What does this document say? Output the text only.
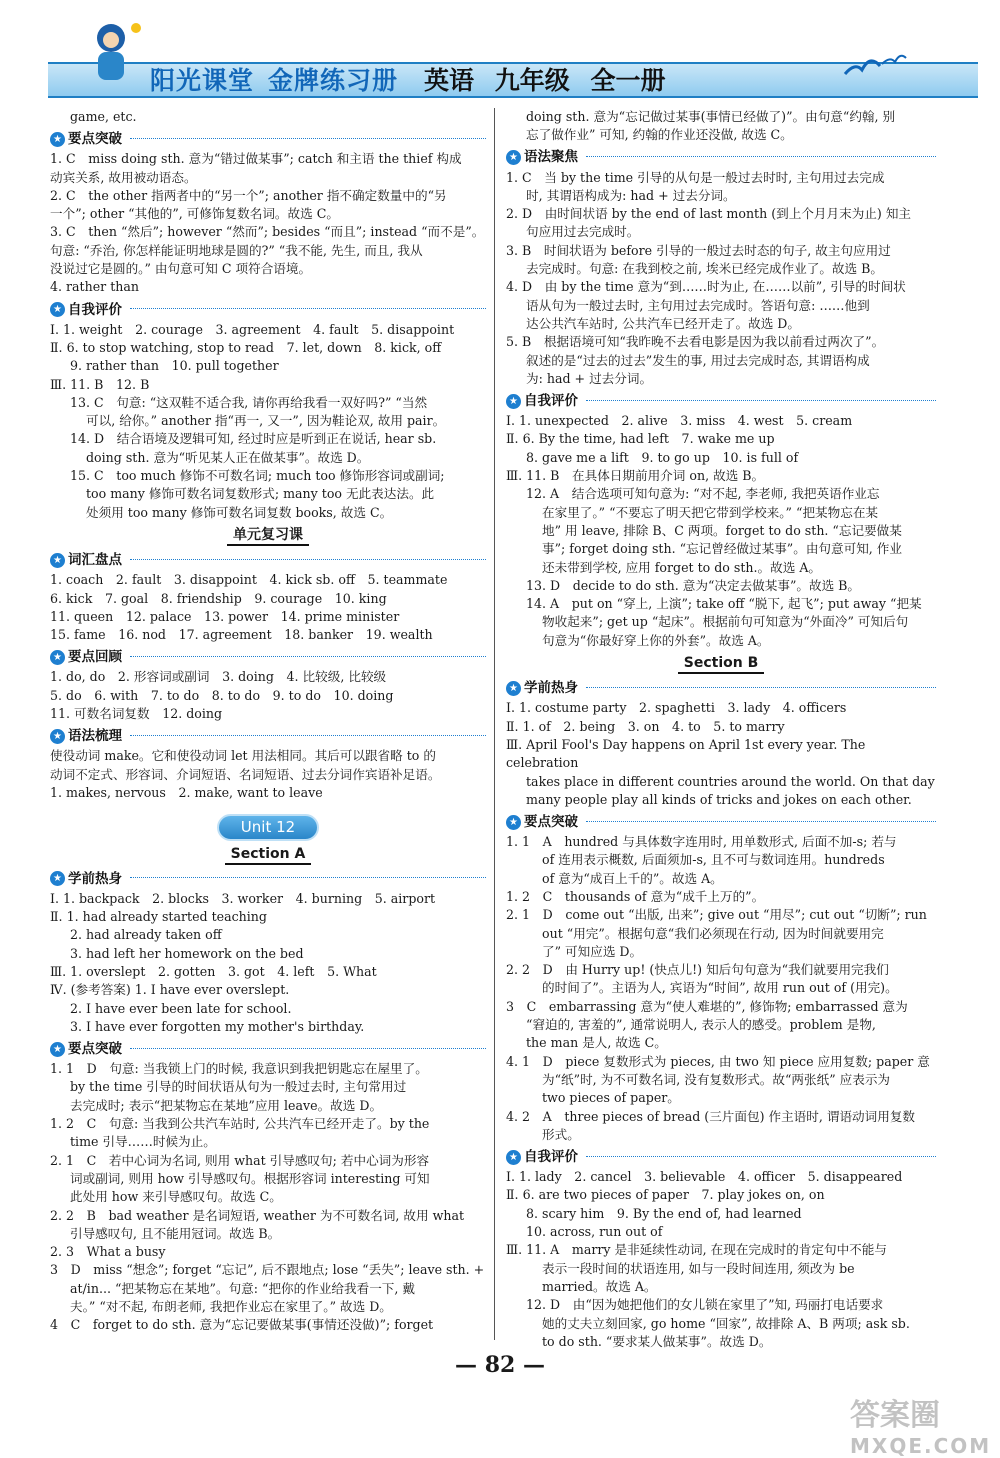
阳光课堂 金牌练习册 英语 九年级 全一册

game, etc.

★ 要点突破

1. C　miss doing sth. 意为“错过做某事”; catch 和主语 the thief 构成

动宾关系, 故用被动语态。

2. C　the other 指两者中的“另一个”; another 指不确定数量中的“另

一个”; other “其他的”, 可修饰复数名词。故选 C。

3. C　then “然后”; however “然而”; besides “而且”; instead “而不是”。

句意: “乔治, 你怎样能证明地球是圆的?” “我不能, 先生, 而且, 我从

没说过它是圆的。” 由句意可知 C 项符合语境。

4. rather than

★ 自我评价

Ⅰ. 1. weight　2. courage　3. agreement　4. fault　5. disappoint

Ⅱ. 6. to stop watching, stop to read　7. let, down　8. kick, off

9. rather than　10. pull together

Ⅲ. 11. B　12. B

13. C　句意: “这双鞋不适合我, 请你再给我看一双好吗?” “当然

可以, 给你。” another 指“再一, 又一”, 因为鞋论双, 故用 pair。

14. D　结合语境及逻辑可知, 经过时应是听到正在说话, hear sb.

doing sth. 意为“听见某人正在做某事”。故选 D。

15. C　too much 修饰不可数名词; much too 修饰形容词或副词;

too many 修饰可数名词复数形式; many too 无此表达法。此

处须用 too many 修饰可数名词复数 books, 故选 C。

单元复习课
★ 词汇盘点

1. coach　2. fault　3. disappoint　4. kick sb. off　5. teammate

6. kick　7. goal　8. friendship　9. courage　10. king

11. queen　12. palace　13. power　14. prime minister

15. fame　16. nod　17. agreement　18. banker　19. wealth

★ 要点回顾

1. do, do　2. 形容词或副词　3. doing　4. 比较级, 比较级

5. do　6. with　7. to do　8. to do　9. to do　10. doing

11. 可数名词复数　12. doing

★ 语法梳理

使役动词 make。它和使役动词 let 用法相同。其后可以跟省略 to 的

动词不定式、形容词、介词短语、名词短语、过去分词作宾语补足语。

1. makes, nervous　2. make, want to leave

Unit 12
Section A
★ 学前热身

Ⅰ. 1. backpack　2. blocks　3. worker　4. burning　5. airport

Ⅱ. 1. had already started teaching

2. had already taken off

3. had left her homework on the bed

Ⅲ. 1. overslept　2. gotten　3. got　4. left　5. What

Ⅳ. (参考答案) 1. I have ever overslept.

2. I have ever been late for school.

3. I have ever forgotten my mother's birthday.

★ 要点突破

1. 1　D　句意: 当我锁上门的时候, 我意识到我把钥匙忘在屋里了。

by the time 引导的时间状语从句为一般过去时, 主句常用过

去完成时; 表示“把某物忘在某地”应用 leave。故选 D。

1. 2　C　句意: 当我到公共汽车站时, 公共汽车已经开走了。by the

time 引导……时候为止。

2. 1　C　若中心词为名词, 则用 what 引导感叹句; 若中心词为形容

词或副词, 则用 how 引导感叹句。根据形容词 interesting 可知

此处用 how 来引导感叹句。故选 C。

2. 2　B　bad weather 是名词短语, weather 为不可数名词, 故用 what

引导感叹句, 且不能用冠词。故选 B。

2. 3　What a busy

3　D　miss “想念”; forget “忘记”, 后不跟地点; lose “丢失”; leave sth. +

at/in... “把某物忘在某地”。句意: “把你的作业给我看一下, 戴

夫。” “对不起, 布朗老师, 我把作业忘在家里了。” 故选 D。

4　C　forget to do sth. 意为“忘记要做某事(事情还没做)”; forget

doing sth. 意为“忘记做过某事(事情已经做了)”。由句意“约翰, 别

忘了做作业” 可知, 约翰的作业还没做, 故选 C。

★ 语法聚焦

1. C　当 by the time 引导的从句是一般过去时时, 主句用过去完成

时, 其谓语构成为: had + 过去分词。

2. D　由时间状语 by the end of last month (到上个月月末为止) 知主

句应用过去完成时。

3. B　时间状语为 before 引导的一般过去时态的句子, 故主句应用过

去完成时。句意: 在我到校之前, 埃米已经完成作业了。故选 B。

4. D　由 by the time 意为“到……时为止, 在……以前”, 引导的时间状

语从句为一般过去时, 主句用过去完成时。答语句意: ……他到

达公共汽车站时, 公共汽车已经开走了。故选 D。

5. B　根据语境可知“我昨晚不去看电影是因为我以前看过两次了”。

叙述的是“过去的过去”发生的事, 用过去完成时态, 其谓语构成

为: had + 过去分词。

★ 自我评价

Ⅰ. 1. unexpected　2. alive　3. miss　4. west　5. cream

Ⅱ. 6. By the time, had left　7. wake me up

8. gave me a lift　9. to go up　10. is full of

Ⅲ. 11. B　在具体日期前用介词 on, 故选 B。

12. A　结合选项可知句意为: “对不起, 李老师, 我把英语作业忘

在家里了。” “不要忘了明天把它带到学校来。” “把某物忘在某

地” 用 leave, 排除 B、C 两项。forget to do sth. “忘记要做某

事”; forget doing sth. “忘记曾经做过某事”。由句意可知, 作业

还未带到学校, 应用 forget to do sth.。故选 A。

13. D　decide to do sth. 意为“决定去做某事”。故选 B。

14. A　put on “穿上, 上演”; take off “脱下, 起飞”; put away “把某

物收起来”; get up “起床”。根据前句可知意为“外面冷” 可知后句

句意为“你最好穿上你的外套”。故选 A。

Section B
★ 学前热身

Ⅰ. 1. costume party　2. spaghetti　3. lady　4. officers

Ⅱ. 1. of　2. being　3. on　4. to　5. to marry

Ⅲ. April Fool's Day happens on April 1st every year. The celebration

takes place in different countries around the world. On that day

many people play all kinds of tricks and jokes on each other.

★ 要点突破

1. 1　A　hundred 与具体数字连用时, 用单数形式, 后面不加-s; 若与

of 连用表示概数, 后面须加-s, 且不可与数词连用。hundreds

of 意为“成百上千的”。故选 A。

1. 2　C　thousands of 意为“成千上万的”。

2. 1　D　come out “出版, 出来”; give out “用尽”; cut out “切断”; run

out “用完”。根据句意“我们必须现在行动, 因为时间就要用完

了” 可知应选 D。

2. 2　D　由 Hurry up! (快点儿!) 知后句句意为“我们就要用完我们

的时间了”。主语为人, 宾语为“时间”, 故用 run out of (用完)。

3　C　embarrassing 意为“使人难堪的”, 修饰物; embarrassed 意为

“窘迫的, 害羞的”, 通常说明人, 表示人的感受。problem 是物,

the man 是人, 故选 C。

4. 1　D　piece 复数形式为 pieces, 由 two 知 piece 应用复数; paper 意

为“纸”时, 为不可数名词, 没有复数形式。故“两张纸” 应表示为

two pieces of paper。

4. 2　A　three pieces of bread (三片面包) 作主语时, 谓语动词用复数

形式。

★ 自我评价

Ⅰ. 1. lady　2. cancel　3. believable　4. officer　5. disappeared

Ⅱ. 6. are two pieces of paper　7. play jokes on, on

8. scary him　9. By the end of, had learned

10. across, run out of

Ⅲ. 11. A　marry 是非延续性动词, 在现在完成时的肯定句中不能与

表示一段时间的状语连用, 如与一段时间连用, 须改为 be

married。故选 A。

12. D　由“因为她把他们的女儿锁在家里了”知, 玛丽打电话要求

她的丈夫立刻回家, go home “回家”, 故排除 A、B 两项; ask sb.

to do sth. “要求某人做某事”。故选 D。

— 82 —
答案圈
MXQE.COM
